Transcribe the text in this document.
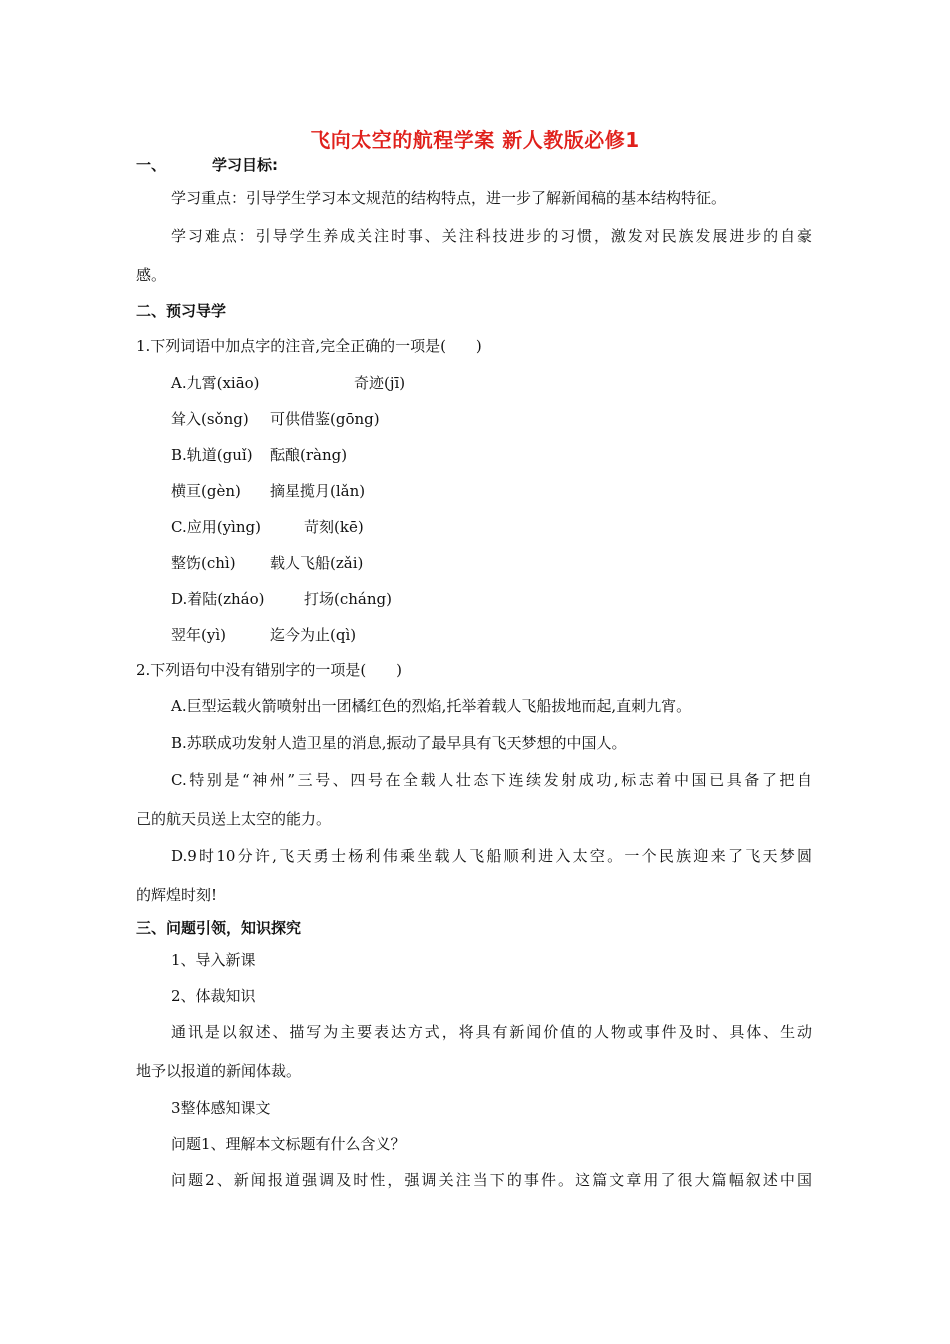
飞向太空的航程学案 新人教版必修1
一、	学习目标:
学习重点：引导学生学习本文规范的结构特点，进一步了解新闻稿的基本结构特征。
学习难点：引导学生养成关注时事、关注科技进步的习惯，激发对民族发展进步的自豪
感。
二、预习导学
1.下列词语中加点字的注音,完全正确的一项是(　　)
A.九霄(xiāo)	奇迹(jī)
耸入(sǒng) 可供借鉴(gōng)
B.轨道(guǐ) 酝酿(ràng)
横亘(gèn) 摘星揽月(lǎn)
C.应用(yìng)	苛刻(kē)
整饬(chì) 载人飞船(zǎi)
D.着陆(zháo)	打场(cháng)
翌年(yì)	迄今为止(qì)
2.下列语句中没有错别字的一项是(　　)
A.巨型运载火箭喷射出一团橘红色的烈焰,托举着载人飞船拔地而起,直刺九宵。
B.苏联成功发射人造卫星的消息,振动了最早具有飞天梦想的中国人。
C.特别是“神州”三号、四号在全载人壮态下连续发射成功,标志着中国已具备了把自
己的航天员送上太空的能力。
D.9时10分许,飞天勇士杨利伟乘坐载人飞船顺利进入太空。一个民族迎来了飞天梦圆
的辉煌时刻!
三、问题引领，知识探究
1、导入新课
2、体裁知识
通讯是以叙述、描写为主要表达方式，将具有新闻价值的人物或事件及时、具体、生动
地予以报道的新闻体裁。
3整体感知课文
问题1、理解本文标题有什么含义？
问题2、新闻报道强调及时性，强调关注当下的事件。这篇文章用了很大篇幅叙述中国
